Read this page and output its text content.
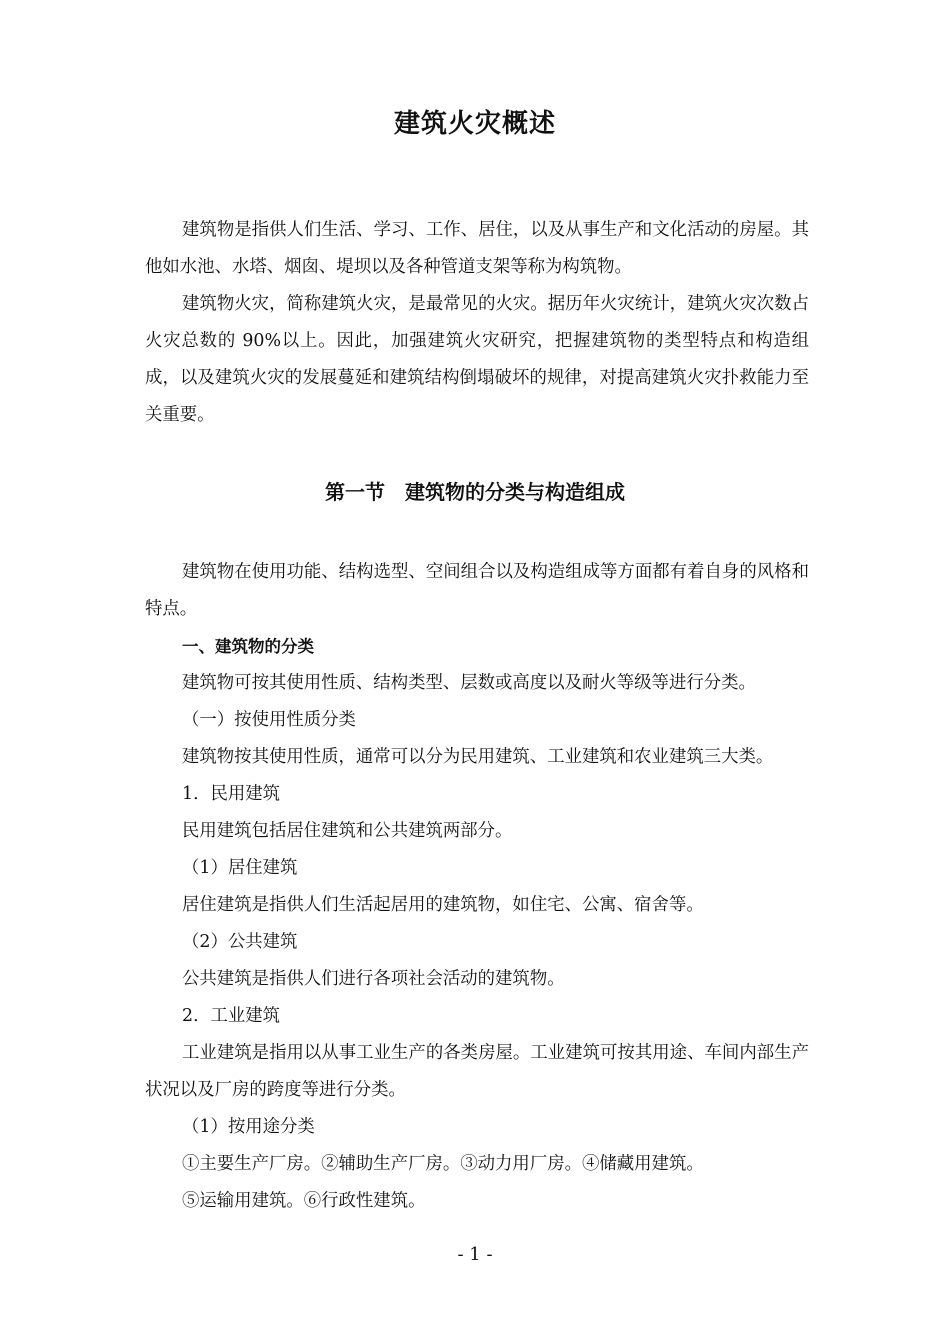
建筑火灾概述

建筑物是指供人们生活、学习、工作、居住，以及从事生产和文化活动的房屋。其他如水池、水塔、烟囱、堤坝以及各种管道支架等称为构筑物。

建筑物火灾，简称建筑火灾，是最常见的火灾。据历年火灾统计，建筑火灾次数占火灾总数的 90%以上。因此，加强建筑火灾研究，把握建筑物的类型特点和构造组成，以及建筑火灾的发展蔓延和建筑结构倒塌破坏的规律，对提高建筑火灾扑救能力至关重要。

第一节　建筑物的分类与构造组成

建筑物在使用功能、结构选型、空间组合以及构造组成等方面都有着自身的风格和特点。

一、建筑物的分类

建筑物可按其使用性质、结构类型、层数或高度以及耐火等级等进行分类。

（一）按使用性质分类

建筑物按其使用性质，通常可以分为民用建筑、工业建筑和农业建筑三大类。

1．民用建筑

民用建筑包括居住建筑和公共建筑两部分。

（1）居住建筑

居住建筑是指供人们生活起居用的建筑物，如住宅、公寓、宿舍等。

（2）公共建筑

公共建筑是指供人们进行各项社会活动的建筑物。

2．工业建筑

工业建筑是指用以从事工业生产的各类房屋。工业建筑可按其用途、车间内部生产状况以及厂房的跨度等进行分类。

（1）按用途分类

①主要生产厂房。②辅助生产厂房。③动力用厂房。④储藏用建筑。

⑤运输用建筑。⑥行政性建筑。

- 1 -
